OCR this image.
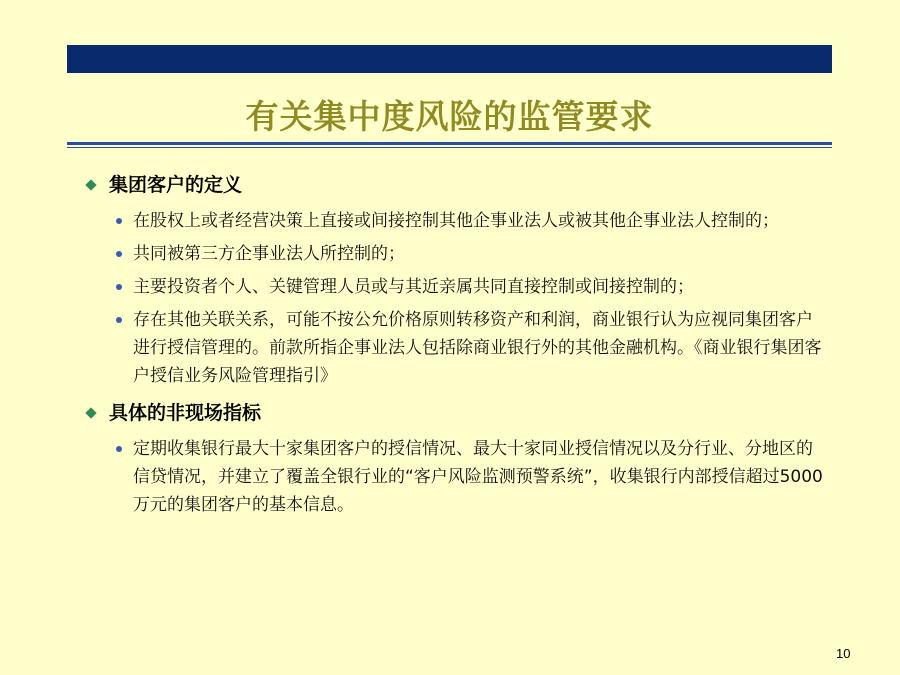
有关集中度风险的监管要求
集团客户的定义
在股权上或者经营决策上直接或间接控制其他企事业法人或被其他企事业法人控制的；
共同被第三方企事业法人所控制的；
主要投资者个人、关键管理人员或与其近亲属共同直接控制或间接控制的；
存在其他关联关系，可能不按公允价格原则转移资产和利润，商业银行认为应视同集团客户进行授信管理的。前款所指企事业法人包括除商业银行外的其他金融机构。《商业银行集团客户授信业务风险管理指引》
具体的非现场指标
定期收集银行最大十家集团客户的授信情况、最大十家同业授信情况以及分行业、分地区的信贷情况，并建立了覆盖全银行业的“客户风险监测预警系统”，收集银行内部授信超过5000万元的集团客户的基本信息。
10
